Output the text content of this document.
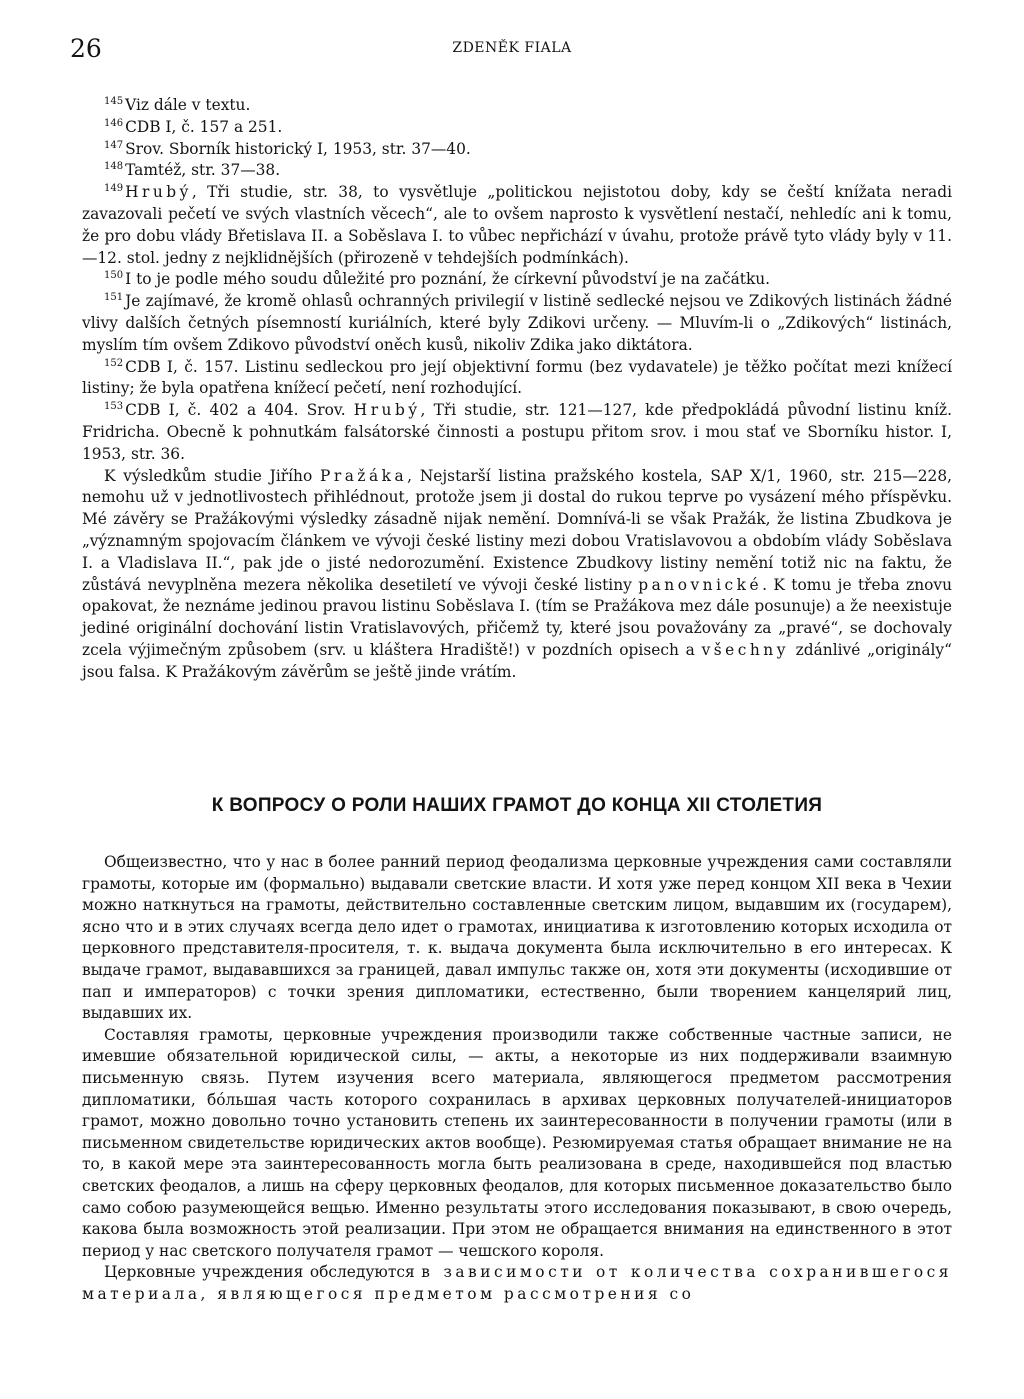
26	ZDENĚK FIALA

$^{145}$ Viz dále v textu.

$^{146}$ CDB I, č. 157 a 251.

$^{147}$ Srov. Sborník historický I, 1953, str. 37—40.

$^{148}$ Tamtéž, str. 37—38.

$^{149}$ Hrubý, Tři studie, str. 38, to vysvětluje „politickou nejistotou doby, kdy se čeští knížata neradi zavazovali pečetí ve svých vlastních věcech“, ale to ovšem naprosto k vysvětlení nestačí, nehledíc ani k tomu, že pro dobu vlády Břetislava II. a Soběslava I. to vůbec nepřichází v úvahu, protože právě tyto vlády byly v 11.—12. stol. jedny z nejklidnějších (přirozeně v tehdejších podmínkách).

$^{150}$ I to je podle mého soudu důležité pro poznání, že církevní původství je na začátku.

$^{151}$ Je zajímavé, že kromě ohlasů ochranných privilegií v listině sedlecké nejsou ve Zdikových listinách žádné vlivy dalších četných písemností kuriálních, které byly Zdikovi určeny. — Mluvím-li o „Zdikových“ listinách, myslím tím ovšem Zdikovo původství oněch kusů, nikoliv Zdika jako diktátora.

$^{152}$ CDB I, č. 157. Listinu sedleckou pro její objektivní formu (bez vydavatele) je těžko počítat mezi knížecí listiny; že byla opatřena knížecí pečetí, není rozhodující.

$^{153}$ CDB I, č. 402 a 404. Srov. Hrubý, Tři studie, str. 121—127, kde předpokládá původní listinu kníž. Fridricha. Obecně k pohnutkám falsátorské činnosti a postupu přitom srov. i mou stať ve Sborníku histor. I, 1953, str. 36.

K výsledkům studie Jiřího Pražáka, Nejstarší listina pražského kostela, SAP X/1, 1960, str. 215—228, nemohu už v jednotlivostech přihlédnout, protože jsem ji dostal do rukou teprve po vysázení mého příspěvku. Mé závěry se Pražákovými výsledky zásadně nijak nemění. Domnívá-li se však Pražák, že listina Zbudkova je „významným spojovacím článkem ve vývoji české listiny mezi dobou Vratislavovou a obdobím vlády Soběslava I. a Vladislava II.“, pak jde o jisté nedorozumění. Existence Zbudkovy listiny nemění totiž nic na faktu, že zůstává nevyplněna mezera několika desetiletí ve vývoji české listiny panovnické. K tomu je třeba znovu opakovat, že neznáme jedinou pravou listinu Soběslava I. (tím se Pražákova mez dále posunuje) a že neexistuje jediné originální dochování listin Vratislavových, přičemž ty, které jsou považovány za „pravé“, se dochovaly zcela výjimečným způsobem (srv. u kláštera Hradiště!) v pozdních opisech a všechny zdánlivé „originály“ jsou falsa. K Pražákovým závěrům se ještě jinde vrátím.

К ВОПРОСУ О РОЛИ НАШИХ ГРАМОТ ДО КОНЦА XII СТОЛЕТИЯ

Общеизвестно, что у нас в более ранний период феодализма церковные учреждения сами составляли грамоты, которые им (формально) выдавали светские власти. И хотя уже перед концом XII века в Чехии можно наткнуться на грамоты, действительно составленные светским лицом, выдавшим их (государем), ясно что и в этих случаях всегда дело идет о грамотах, инициатива к изготовлению которых исходила от церковного представителя-просителя, т. к. выдача документа была исключительно в его интересах. К выдаче грамот, выдававшихся за границей, давал импульс также он, хотя эти документы (исходившие от пап и императоров) с точки зрения дипломатики, естественно, были творением канцелярий лиц, выдавших их.

Составляя грамоты, церковные учреждения производили также собственные частные записи, не имевшие обязательной юридической силы, — акты, а некоторые из них поддерживали взаимную письменную связь. Путем изучения всего материала, являющегося предметом рассмотрения дипломатики, бо́льшая часть которого сохранилась в архивах церковных получателей-инициаторов грамот, можно довольно точно установить степень их заинтересованности в получении грамоты (или в письменном свидетельстве юридических актов вообще). Резюмируемая статья обращает внимание не на то, в какой мере эта заинтересованность могла быть реализована в среде, находившейся под властью светских феодалов, а лишь на сферу церковных феодалов, для которых письменное доказательство было само собою разумеющейся вещью. Именно результаты этого исследования показывают, в свою очередь, какова была возможность этой реализации. При этом не обращается внимания на единственного в этот период у нас светского получателя грамот — чешского короля.

Церковные учреждения обследуются в зависимости от количества сохранившегося материала, являющегося предметом рассмотрения со
